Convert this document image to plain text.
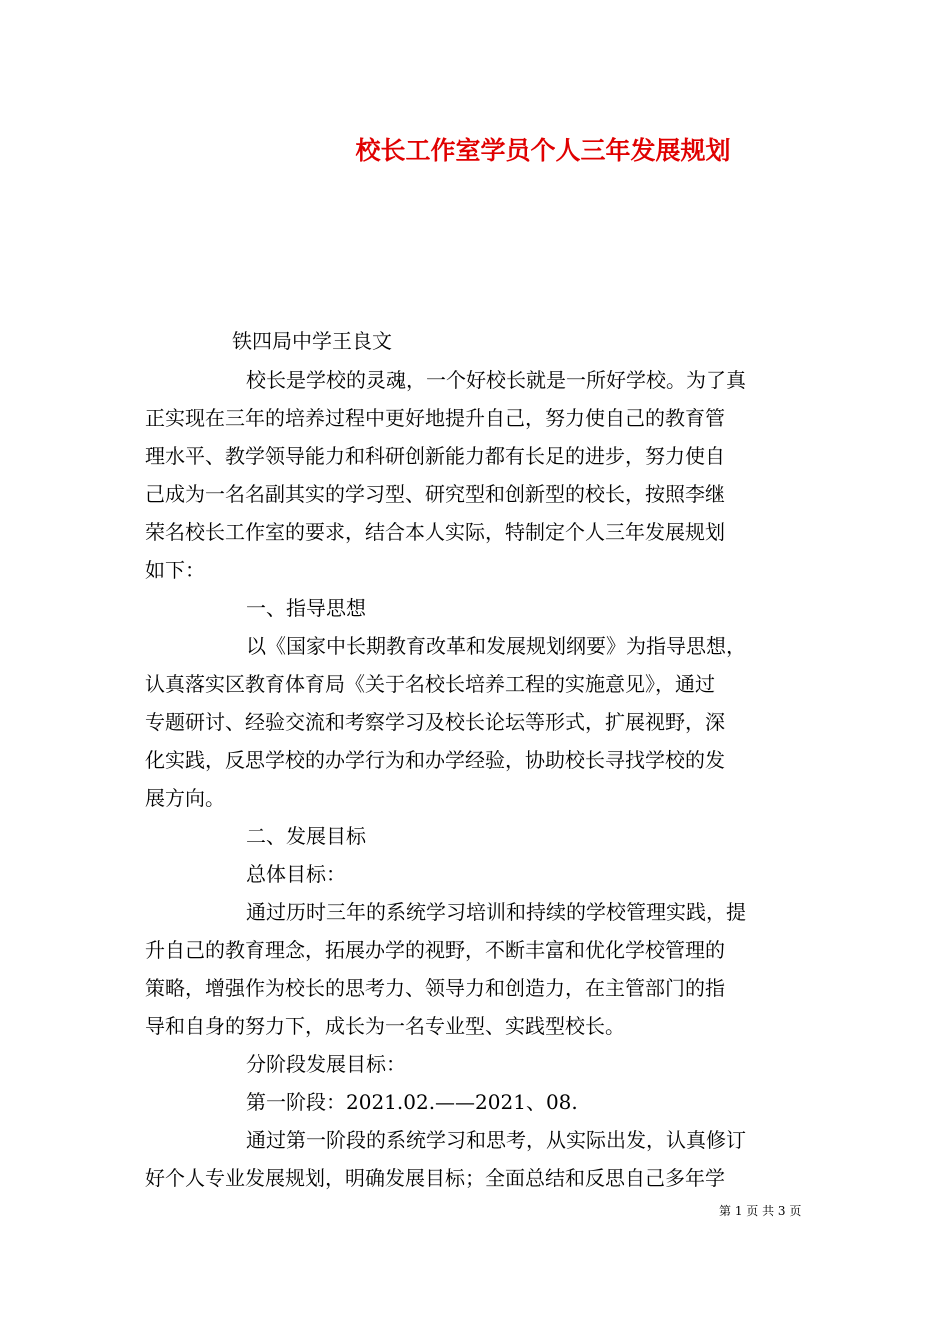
校长工作室学员个人三年发展规划
铁四局中学王良文
校长是学校的灵魂，一个好校长就是一所好学校。为了真
正实现在三年的培养过程中更好地提升自己，努力使自己的教育管
理水平、教学领导能力和科研创新能力都有长足的进步，努力使自
己成为一名名副其实的学习型、研究型和创新型的校长，按照李继
荣名校长工作室的要求，结合本人实际，特制定个人三年发展规划
如下：
一、指导思想
以《国家中长期教育改革和发展规划纲要》为指导思想，
认真落实区教育体育局《关于名校长培养工程的实施意见》，通过
专题研讨、经验交流和考察学习及校长论坛等形式，扩展视野，深
化实践，反思学校的办学行为和办学经验，协助校长寻找学校的发
展方向。
二、发展目标
总体目标：
通过历时三年的系统学习培训和持续的学校管理实践，提
升自己的教育理念，拓展办学的视野，不断丰富和优化学校管理的
策略，增强作为校长的思考力、领导力和创造力，在主管部门的指
导和自身的努力下，成长为一名专业型、实践型校长。
分阶段发展目标：
第一阶段：2021.02.——2021、08.
通过第一阶段的系统学习和思考，从实际出发，认真修订
好个人专业发展规划，明确发展目标；全面总结和反思自己多年学
第 1 页 共 3 页
